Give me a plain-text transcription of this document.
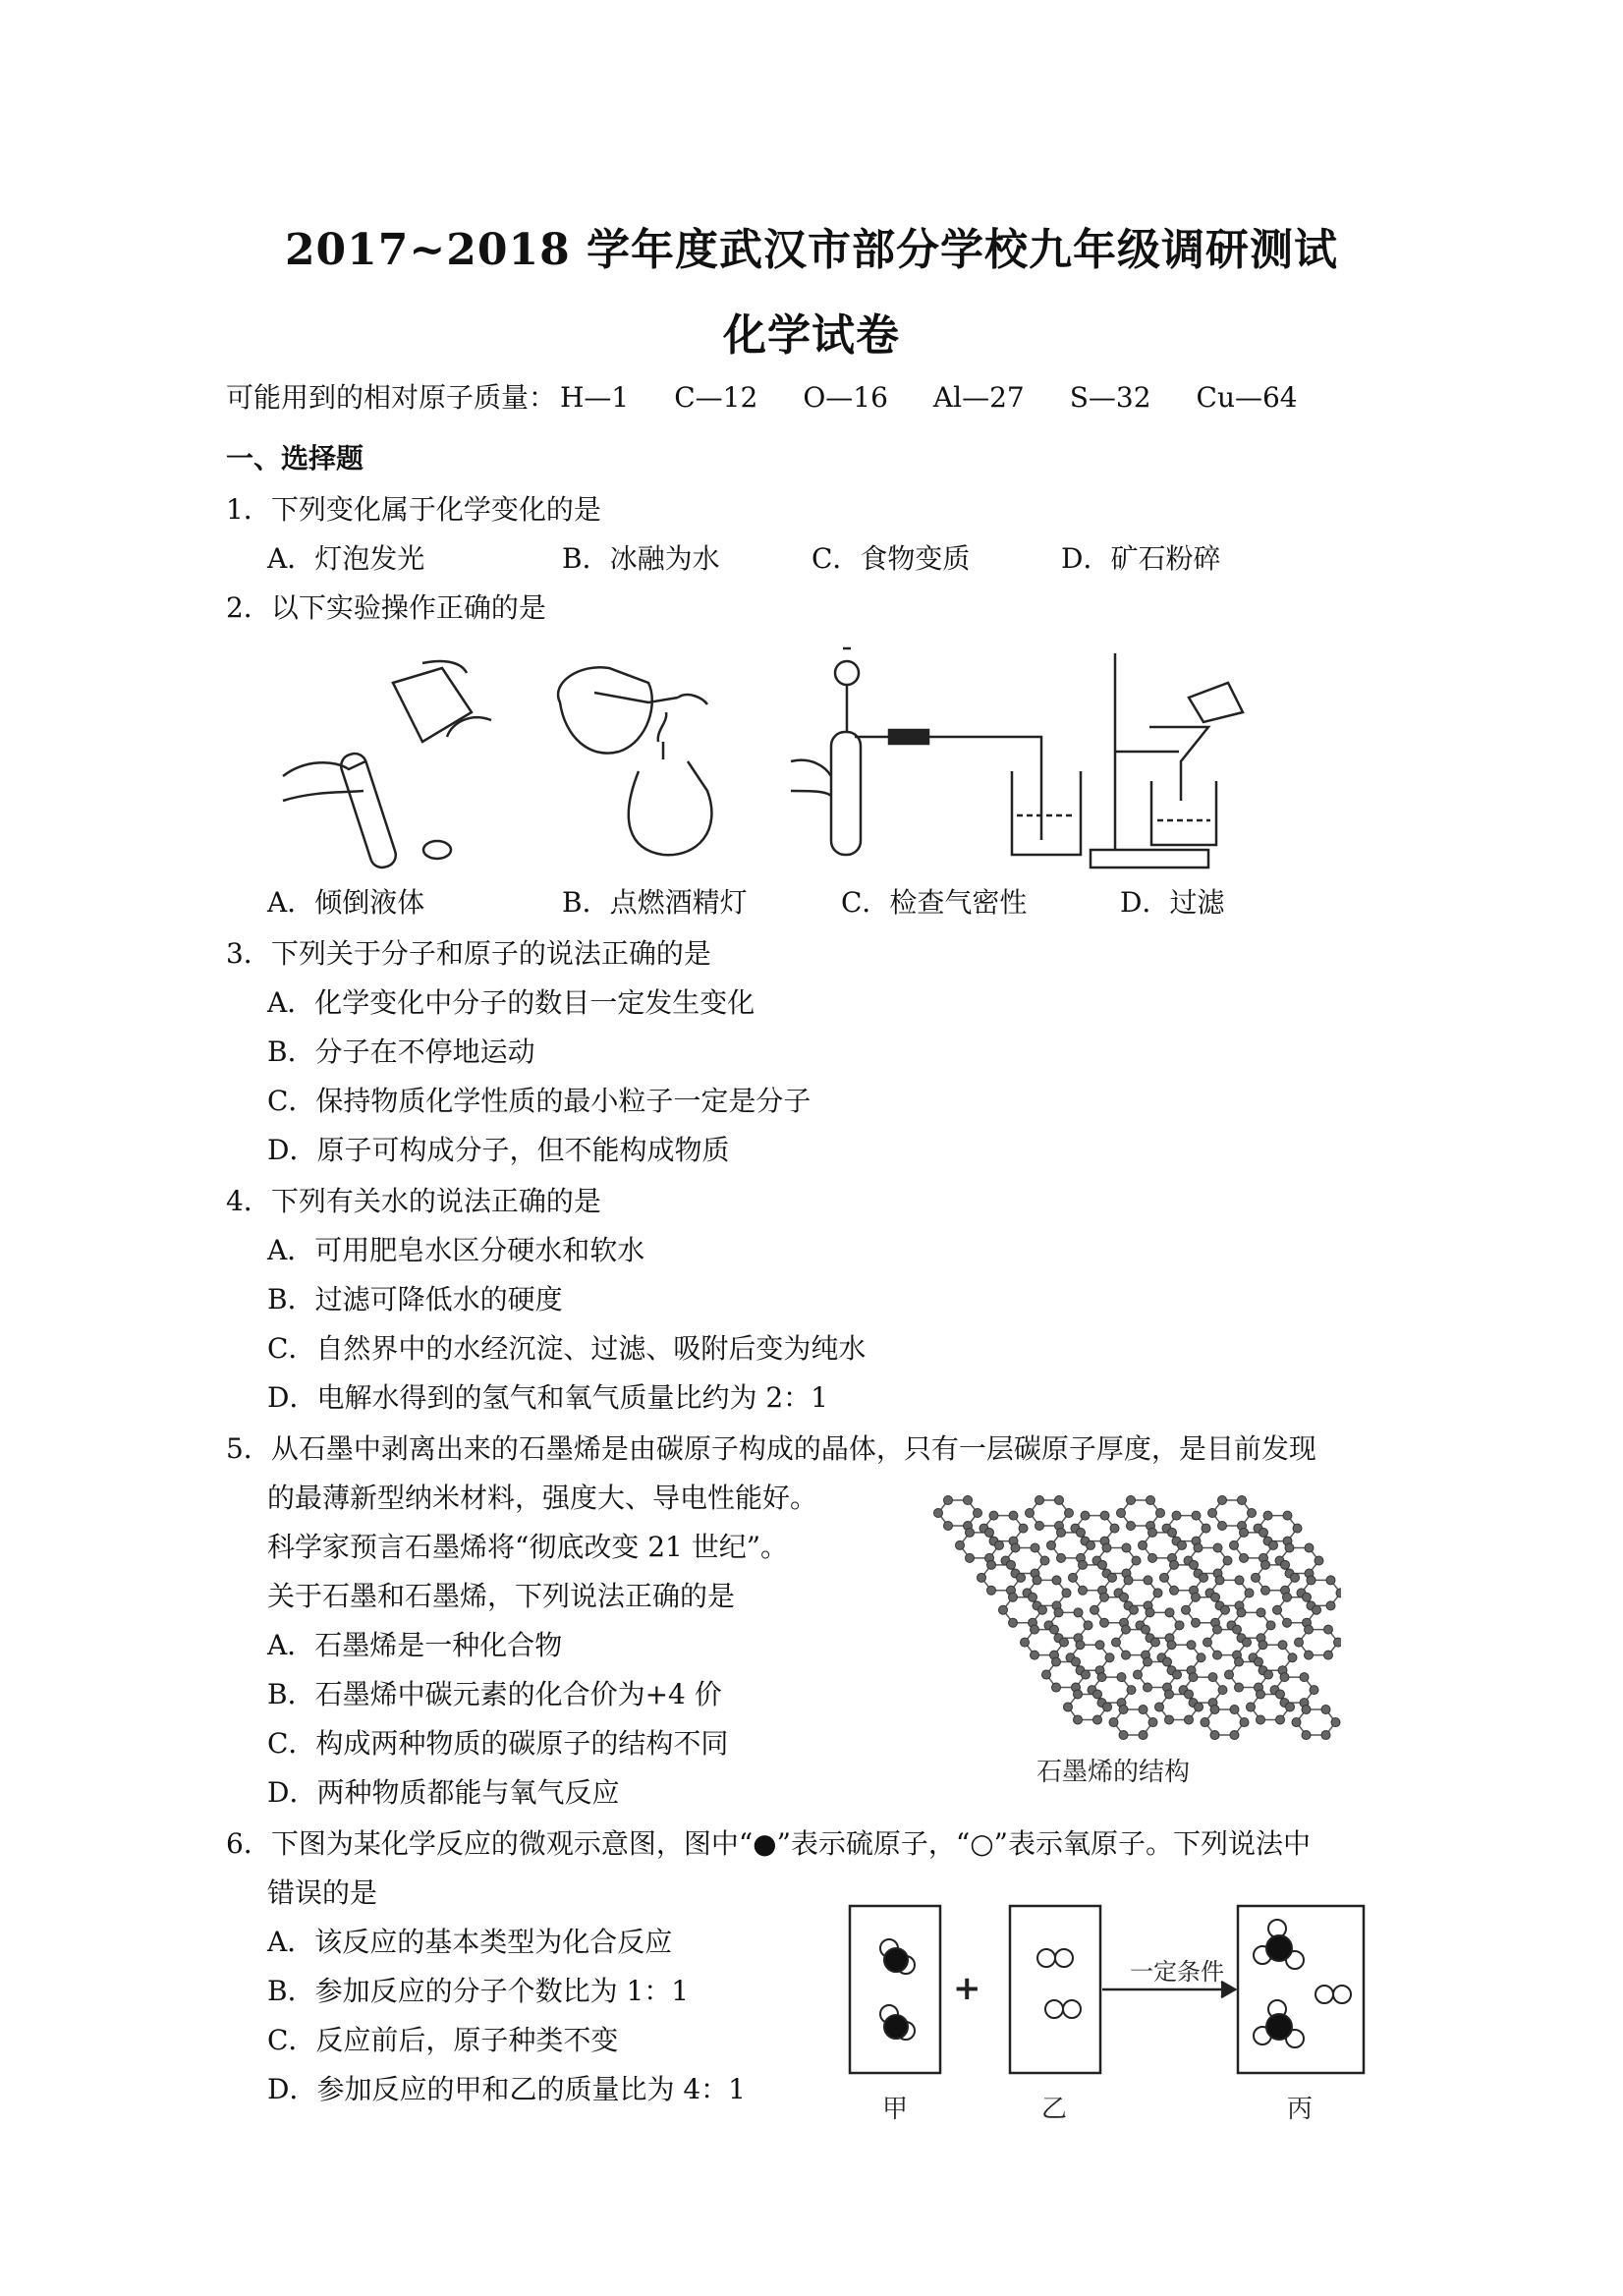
2017~2018 学年度武汉市部分学校九年级调研测试
化学试卷
可能用到的相对原子质量： H—1 C—12 O—16 Al—27 S—32 Cu—64
一、选择题
1．下列变化属于化学变化的是
A．灯泡发光	B．冰融为水	C．食物变质	D．矿石粉碎
2．以下实验操作正确的是
A．倾倒液体	B．点燃酒精灯	C．检查气密性	D．过滤
3．下列关于分子和原子的说法正确的是
A．化学变化中分子的数目一定发生变化
B．分子在不停地运动
C．保持物质化学性质的最小粒子一定是分子
D．原子可构成分子，但不能构成物质
4．下列有关水的说法正确的是
A．可用肥皂水区分硬水和软水
B．过滤可降低水的硬度
C．自然界中的水经沉淀、过滤、吸附后变为纯水
D．电解水得到的氢气和氧气质量比约为 2：1
5．从石墨中剥离出来的石墨烯是由碳原子构成的晶体，只有一层碳原子厚度，是目前发现
的最薄新型纳米材料，强度大、导电性能好。
科学家预言石墨烯将“彻底改变 21 世纪”。
关于石墨和石墨烯，下列说法正确的是
A．石墨烯是一种化合物
B．石墨烯中碳元素的化合价为+4 价
C．构成两种物质的碳原子的结构不同
D．两种物质都能与氧气反应
石墨烯的结构
6．下图为某化学反应的微观示意图，图中“●”表示硫原子，“○”表示氧原子。下列说法中
错误的是
A．该反应的基本类型为化合反应
B．参加反应的分子个数比为 1：1
C．反应前后，原子种类不变
D．参加反应的甲和乙的质量比为 4：1
+	一定条件
甲	乙	丙
